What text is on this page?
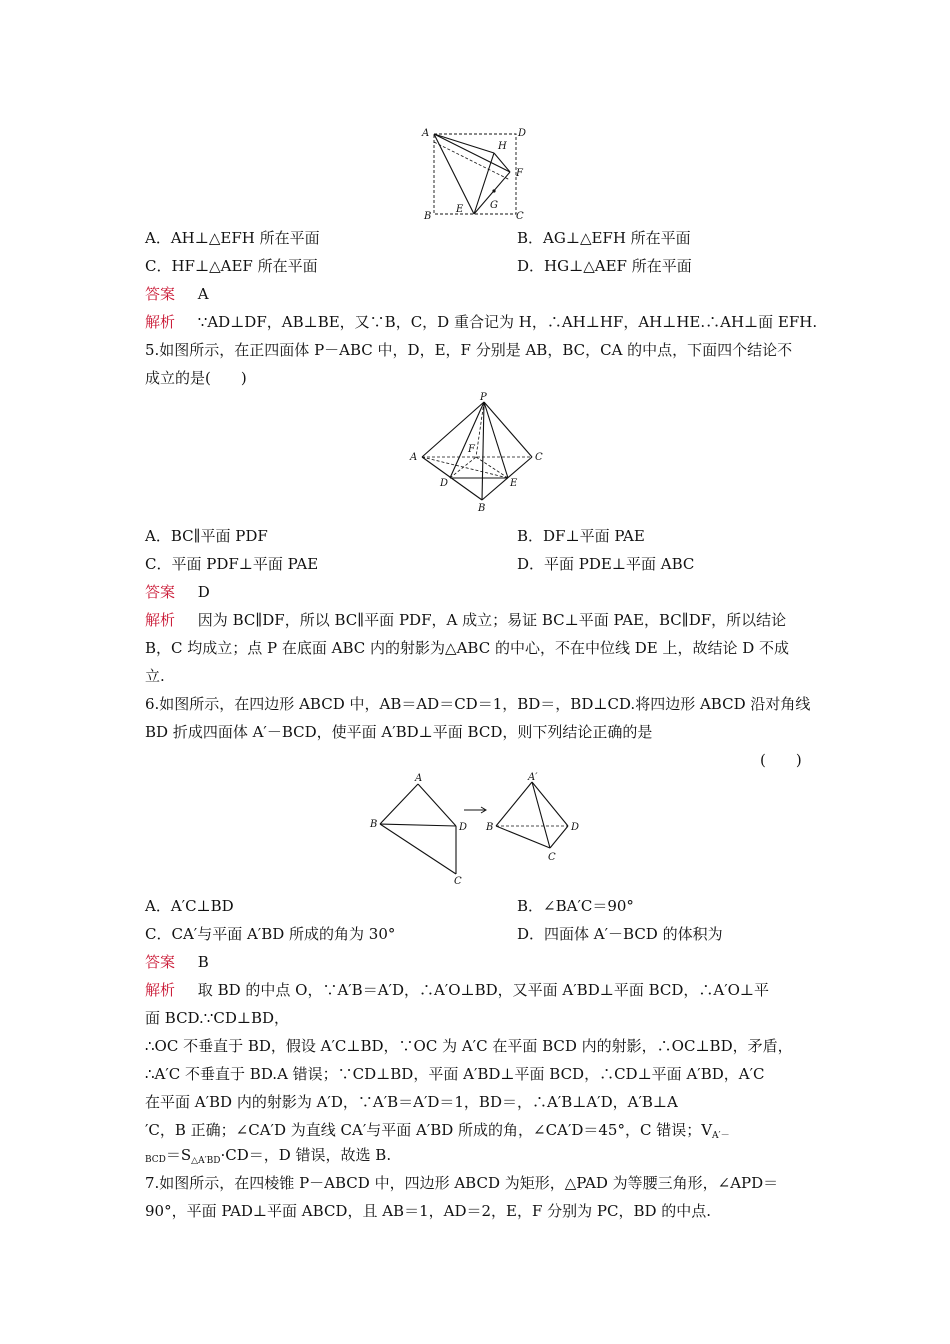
A	D
H
F
B
E	G
C
A．AH⊥△EFH 所在平面	B．AG⊥△EFH 所在平面
C．HF⊥△AEF 所在平面	D．HG⊥△AEF 所在平面
答案 A
解析 ∵AD⊥DF，AB⊥BE，又∵B，C，D 重合记为 H，∴AH⊥HF，AH⊥HE.∴AH⊥面 EFH.
5.如图所示，在正四面体 P－ABC 中，D，E，F 分别是 AB，BC，CA 的中点，下面四个结论不
成立的是(　　)
P
A	C
F
D	E
B
A．BC∥平面 PDF	B．DF⊥平面 PAE
C．平面 PDF⊥平面 PAE	D．平面 PDE⊥平面 ABC
答案 D
解析 因为 BC∥DF，所以 BC∥平面 PDF，A 成立；易证 BC⊥平面 PAE，BC∥DF，所以结论
B，C 均成立；点 P 在底面 ABC 内的射影为△ABC 的中心，不在中位线 DE 上，故结论 D 不成
立.
6.如图所示，在四边形 ABCD 中，AB＝AD＝CD＝1，BD＝，BD⊥CD.将四边形 ABCD 沿对角线
BD 折成四面体 A′－BCD，使平面 A′BD⊥平面 BCD，则下列结论正确的是
(　　)
A
B	D
C
A′
B	D
C
A．A′C⊥BD	B．∠BA′C＝90°
C．CA′与平面 A′BD 所成的角为 30°	D．四面体 A′－BCD 的体积为
答案 B
解析 取 BD 的中点 O，∵A′B＝A′D，∴A′O⊥BD，又平面 A′BD⊥平面 BCD，∴A′O⊥平
面 BCD.∵CD⊥BD，
∴OC 不垂直于 BD，假设 A′C⊥BD，∵OC 为 A′C 在平面 BCD 内的射影，∴OC⊥BD，矛盾，
∴A′C 不垂直于 BD.A 错误；∵CD⊥BD，平面 A′BD⊥平面 BCD，∴CD⊥平面 A′BD，A′C
在平面 A′BD 内的射影为 A′D，∵A′B＝A′D＝1，BD＝，∴A′B⊥A′D，A′B⊥A
′C，B 正确；∠CA′D 为直线 CA′与平面 A′BD 所成的角，∠CA′D＝45°，C 错误；$V_{A'-}$
$BCD=S_{\triangle A'BD}\cdot CD=$，D 错误，故选 B.
7.如图所示，在四棱锥 P－ABCD 中，四边形 ABCD 为矩形，△PAD 为等腰三角形，∠APD＝
90°，平面 PAD⊥平面 ABCD，且 AB＝1，AD＝2，E，F 分别为 PC，BD 的中点.
